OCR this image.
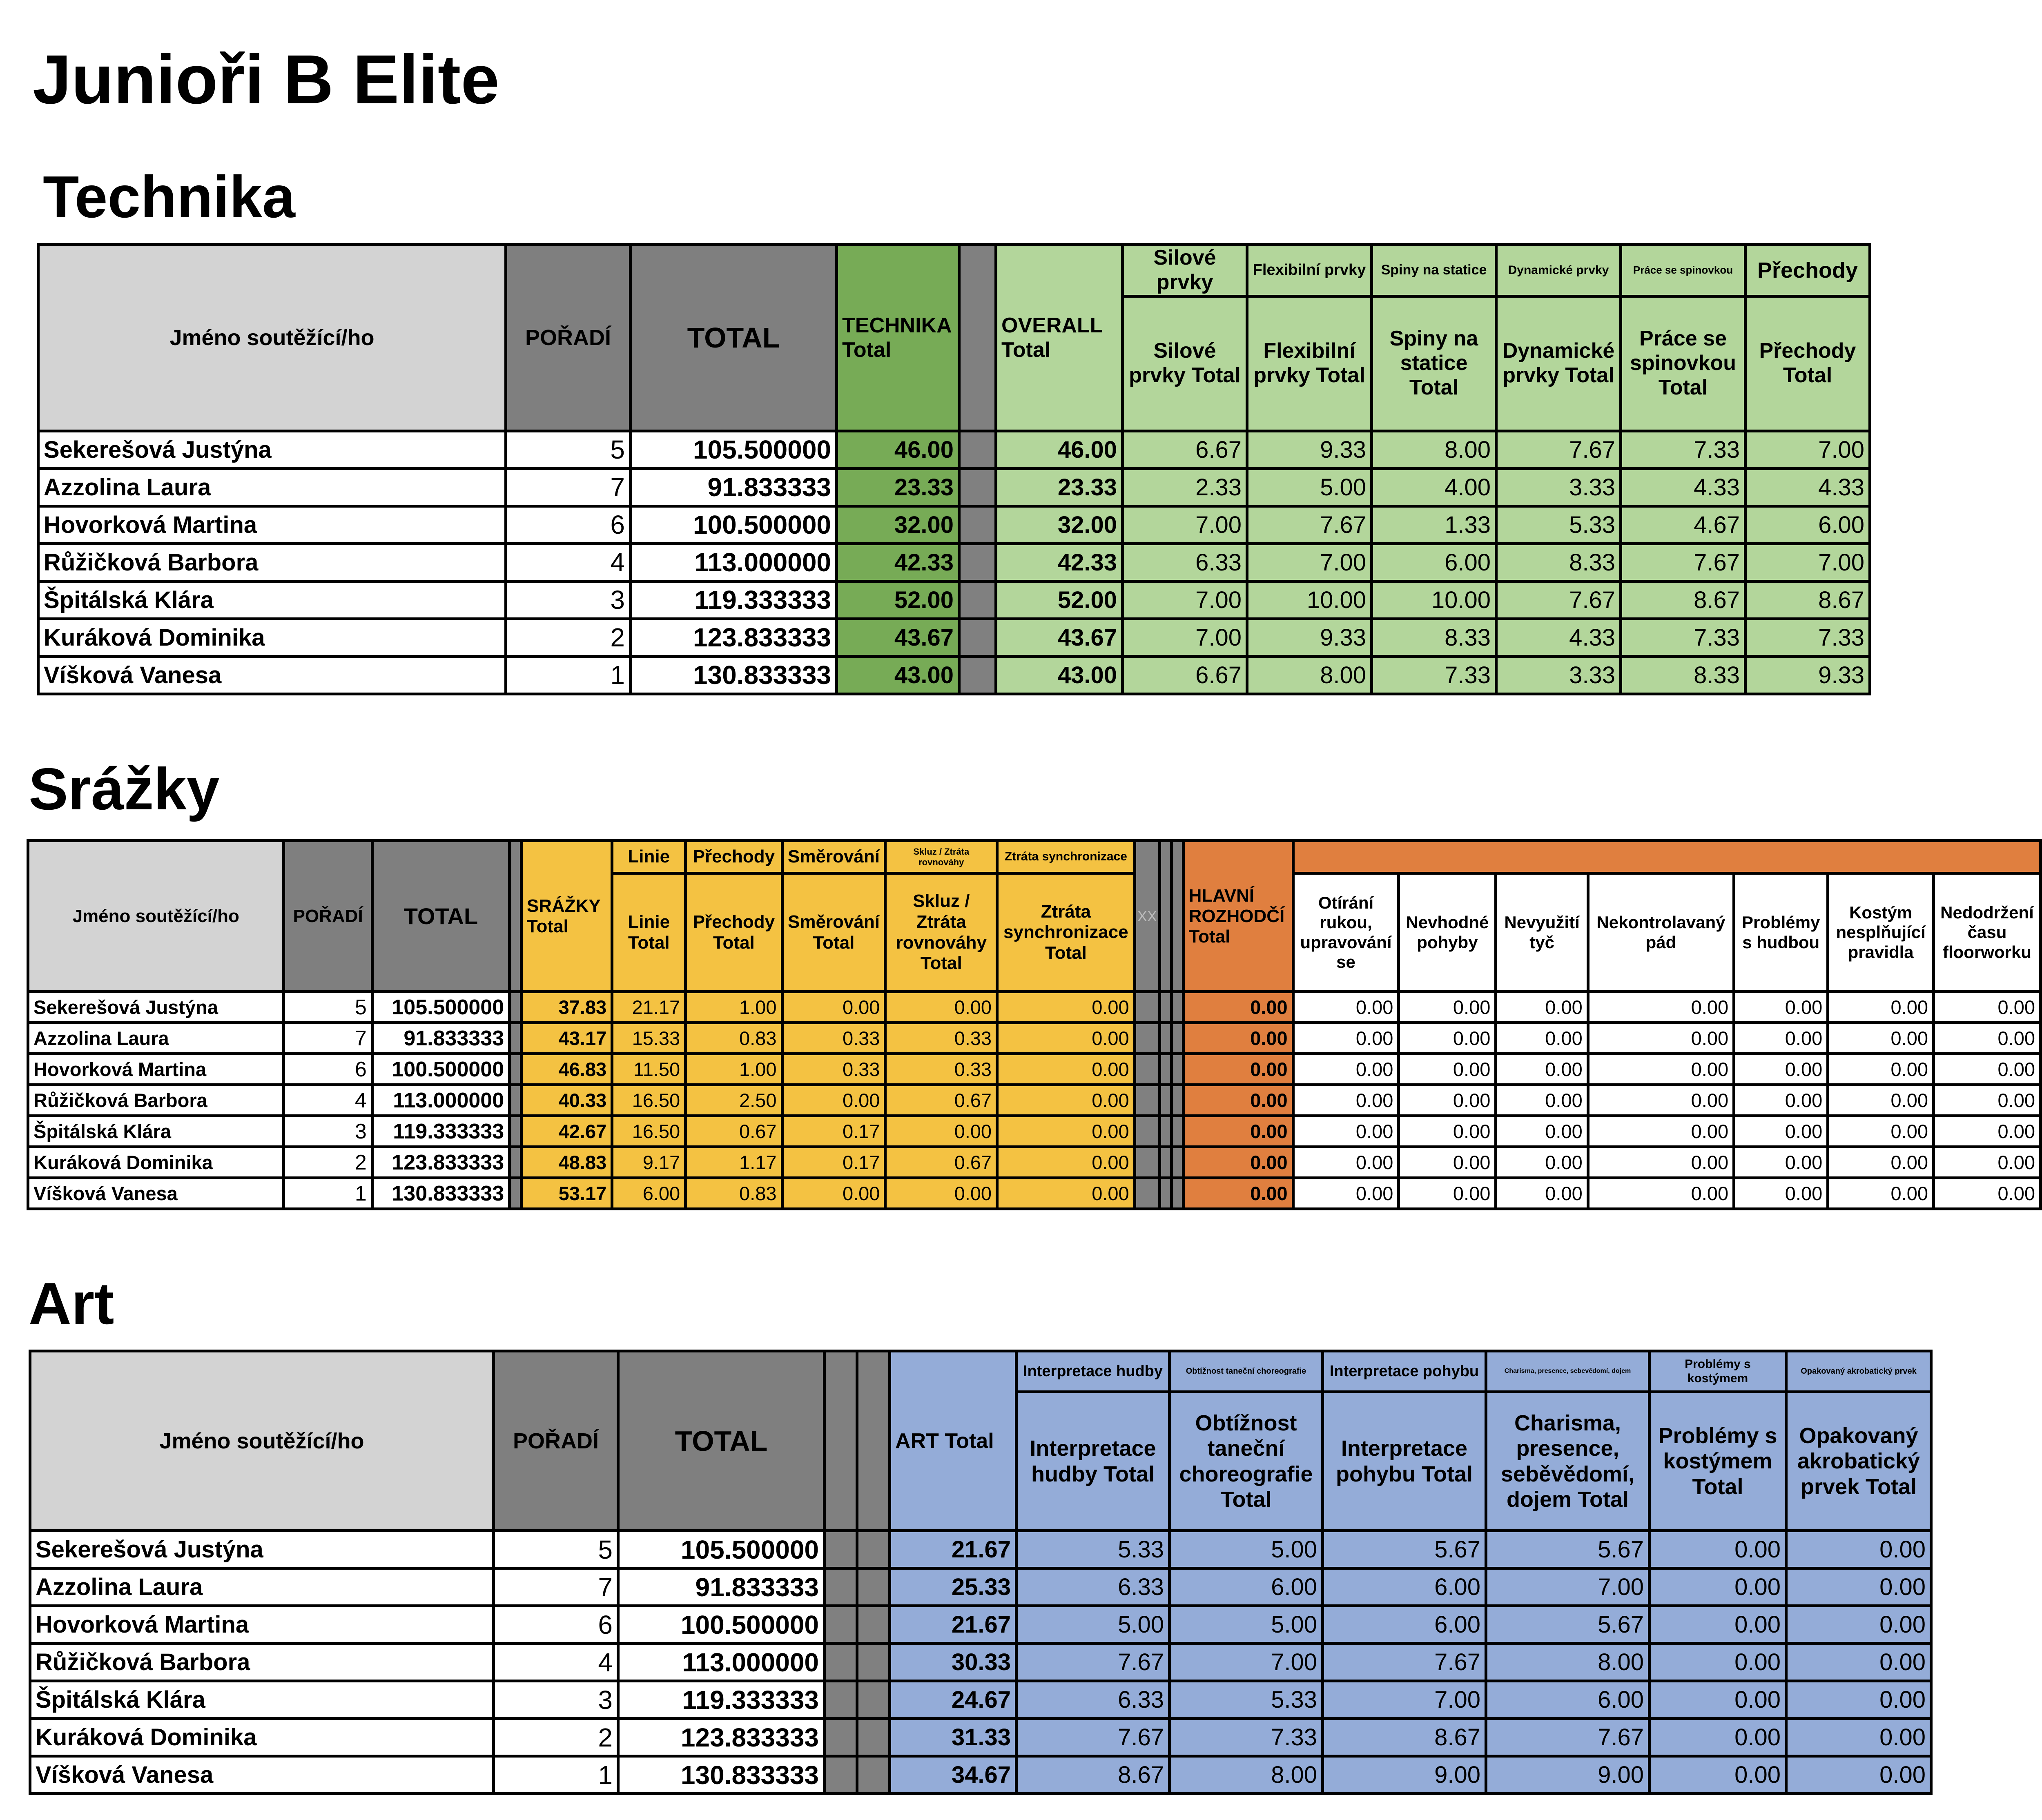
Junioři B Elite
Technika
Jméno soutěžící/ho	POŘADÍ	TOTAL	TECHNIKA Total		OVERALL Total	Silové prvky	Flexibilní prvky	Spiny na statice	Dynamické prvky	Práce se spinovkou	Přechody
						Silové prvky Total	Flexibilní prvky Total	Spiny na statice Total	Dynamické prvky Total	Práce se spinovkou Total	Přechody Total
Sekerešová Justýna	5	105.500000	46.00		46.00	6.67	9.33	8.00	7.67	7.33	7.00
Azzolina Laura	7	91.833333	23.33		23.33	2.33	5.00	4.00	3.33	4.33	4.33
Hovorková Martina	6	100.500000	32.00		32.00	7.00	7.67	1.33	5.33	4.67	6.00
Růžičková Barbora	4	113.000000	42.33		42.33	6.33	7.00	6.00	8.33	7.67	7.00
Špitálská Klára	3	119.333333	52.00		52.00	7.00	10.00	10.00	7.67	8.67	8.67
Kuráková Dominika	2	123.833333	43.67		43.67	7.00	9.33	8.33	4.33	7.33	7.33
Víšková Vanesa	1	130.833333	43.00		43.00	6.67	8.00	7.33	3.33	8.33	9.33
Srážky
Jméno soutěžící/ho	POŘADÍ	TOTAL		SRÁŽKY Total	Linie	Přechody	Směrování	Skluz / Ztráta rovnováhy	Ztráta synchronizace	XX			HLAVNÍ ROZHODČÍ Total							
					Linie Total	Přechody Total	Směrování Total	Skluz / Ztráta rovnováhy Total	Ztráta synchronizace Total					Otírání rukou, upravování se	Nevhodné pohyby	Nevyužití tyč	Nekontrolavaný pád	Problémy s hudbou	Kostým nesplňující pravidla	Nedodržení času floorworku
Sekerešová Justýna	5	105.500000		37.83	21.17	1.00	0.00	0.00	0.00				0.00	0.00	0.00	0.00	0.00	0.00	0.00	0.00
Azzolina Laura	7	91.833333		43.17	15.33	0.83	0.33	0.33	0.00				0.00	0.00	0.00	0.00	0.00	0.00	0.00	0.00
Hovorková Martina	6	100.500000		46.83	11.50	1.00	0.33	0.33	0.00				0.00	0.00	0.00	0.00	0.00	0.00	0.00	0.00
Růžičková Barbora	4	113.000000		40.33	16.50	2.50	0.00	0.67	0.00				0.00	0.00	0.00	0.00	0.00	0.00	0.00	0.00
Špitálská Klára	3	119.333333		42.67	16.50	0.67	0.17	0.00	0.00				0.00	0.00	0.00	0.00	0.00	0.00	0.00	0.00
Kuráková Dominika	2	123.833333		48.83	9.17	1.17	0.17	0.67	0.00				0.00	0.00	0.00	0.00	0.00	0.00	0.00	0.00
Víšková Vanesa	1	130.833333		53.17	6.00	0.83	0.00	0.00	0.00				0.00	0.00	0.00	0.00	0.00	0.00	0.00	0.00
Art
Jméno soutěžící/ho	POŘADÍ	TOTAL			ART Total	Interpretace hudby	Obtížnost taneční choreografie	Interpretace pohybu	Charisma, presence, sebevědomí, dojem	Problémy s kostýmem	Opakovaný akrobatický prvek
						Interpretace hudby Total	Obtížnost taneční choreografie Total	Interpretace pohybu Total	Charisma, presence, seběvědomí, dojem Total	Problémy s kostýmem Total	Opakovaný akrobatický prvek Total
Sekerešová Justýna	5	105.500000			21.67	5.33	5.00	5.67	5.67	0.00	0.00
Azzolina Laura	7	91.833333			25.33	6.33	6.00	6.00	7.00	0.00	0.00
Hovorková Martina	6	100.500000			21.67	5.00	5.00	6.00	5.67	0.00	0.00
Růžičková Barbora	4	113.000000			30.33	7.67	7.00	7.67	8.00	0.00	0.00
Špitálská Klára	3	119.333333			24.67	6.33	5.33	7.00	6.00	0.00	0.00
Kuráková Dominika	2	123.833333			31.33	7.67	7.33	8.67	7.67	0.00	0.00
Víšková Vanesa	1	130.833333			34.67	8.67	8.00	9.00	9.00	0.00	0.00
